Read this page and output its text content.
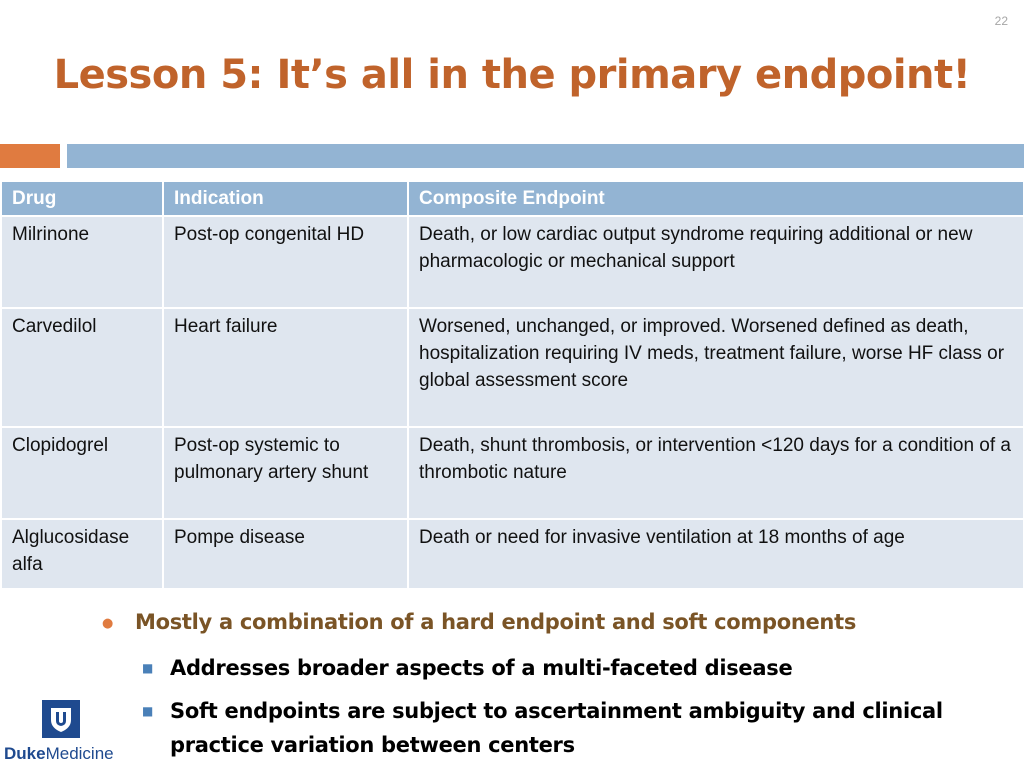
22
Lesson 5: It’s all in the primary endpoint!
Drug	Indication	Composite Endpoint
Milrinone	Post-op congenital HD	Death, or low cardiac output syndrome requiring additional or new pharmacologic or mechanical support
Carvedilol	Heart failure	Worsened, unchanged, or improved. Worsened defined as death, hospitalization requiring IV meds, treatment failure, worse HF class or global assessment score
Clopidogrel	Post-op systemic to pulmonary artery shunt	Death, shunt thrombosis, or intervention <120 days for a condition of a thrombotic nature
Alglucosidase alfa	Pompe disease	Death or need for invasive ventilation at 18 months of age
● Mostly a combination of a hard endpoint and soft components
■ Addresses broader aspects of a multi-faceted disease
■ Soft endpoints are subject to ascertainment ambiguity and clinical practice variation between centers
DukeMedicine
